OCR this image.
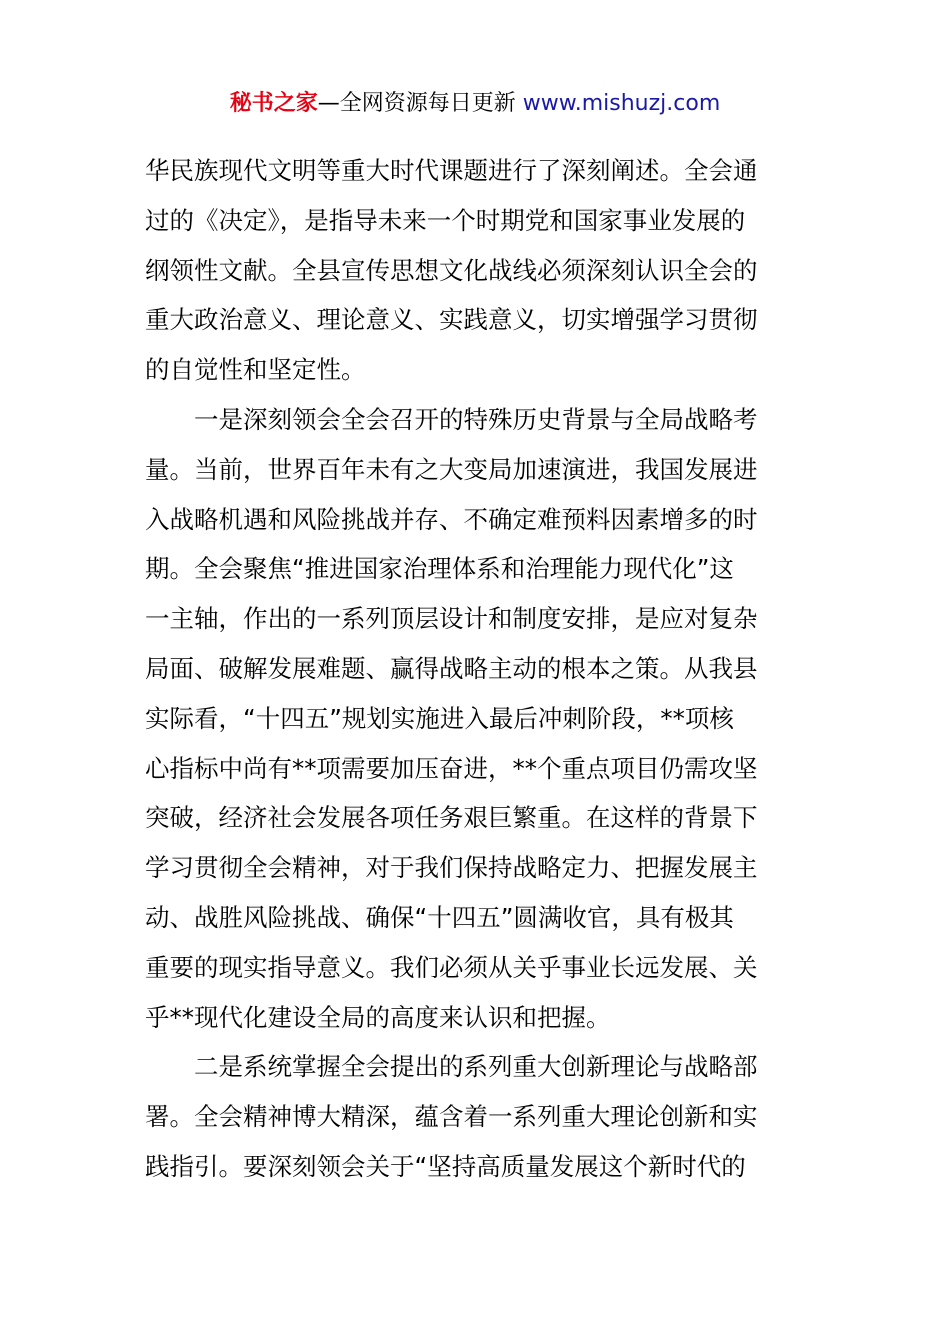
秘书之家—全网资源每日更新 www.mishuzj.com
华民族现代文明等重大时代课题进行了深刻阐述。全会通
过的《决定》，是指导未来一个时期党和国家事业发展的
纲领性文献。全县宣传思想文化战线必须深刻认识全会的
重大政治意义、理论意义、实践意义，切实增强学习贯彻
的自觉性和坚定性。
一是深刻领会全会召开的特殊历史背景与全局战略考
量。当前，世界百年未有之大变局加速演进，我国发展进
入战略机遇和风险挑战并存、不确定难预料因素增多的时
期。全会聚焦“推进国家治理体系和治理能力现代化”这
一主轴，作出的一系列顶层设计和制度安排，是应对复杂
局面、破解发展难题、赢得战略主动的根本之策。从我县
实际看，“十四五”规划实施进入最后冲刺阶段，**项核
心指标中尚有**项需要加压奋进，**个重点项目仍需攻坚
突破，经济社会发展各项任务艰巨繁重。在这样的背景下
学习贯彻全会精神，对于我们保持战略定力、把握发展主
动、战胜风险挑战、确保“十四五”圆满收官，具有极其
重要的现实指导意义。我们必须从关乎事业长远发展、关
乎**现代化建设全局的高度来认识和把握。
二是系统掌握全会提出的系列重大创新理论与战略部
署。全会精神博大精深，蕴含着一系列重大理论创新和实
践指引。要深刻领会关于“坚持高质量发展这个新时代的
